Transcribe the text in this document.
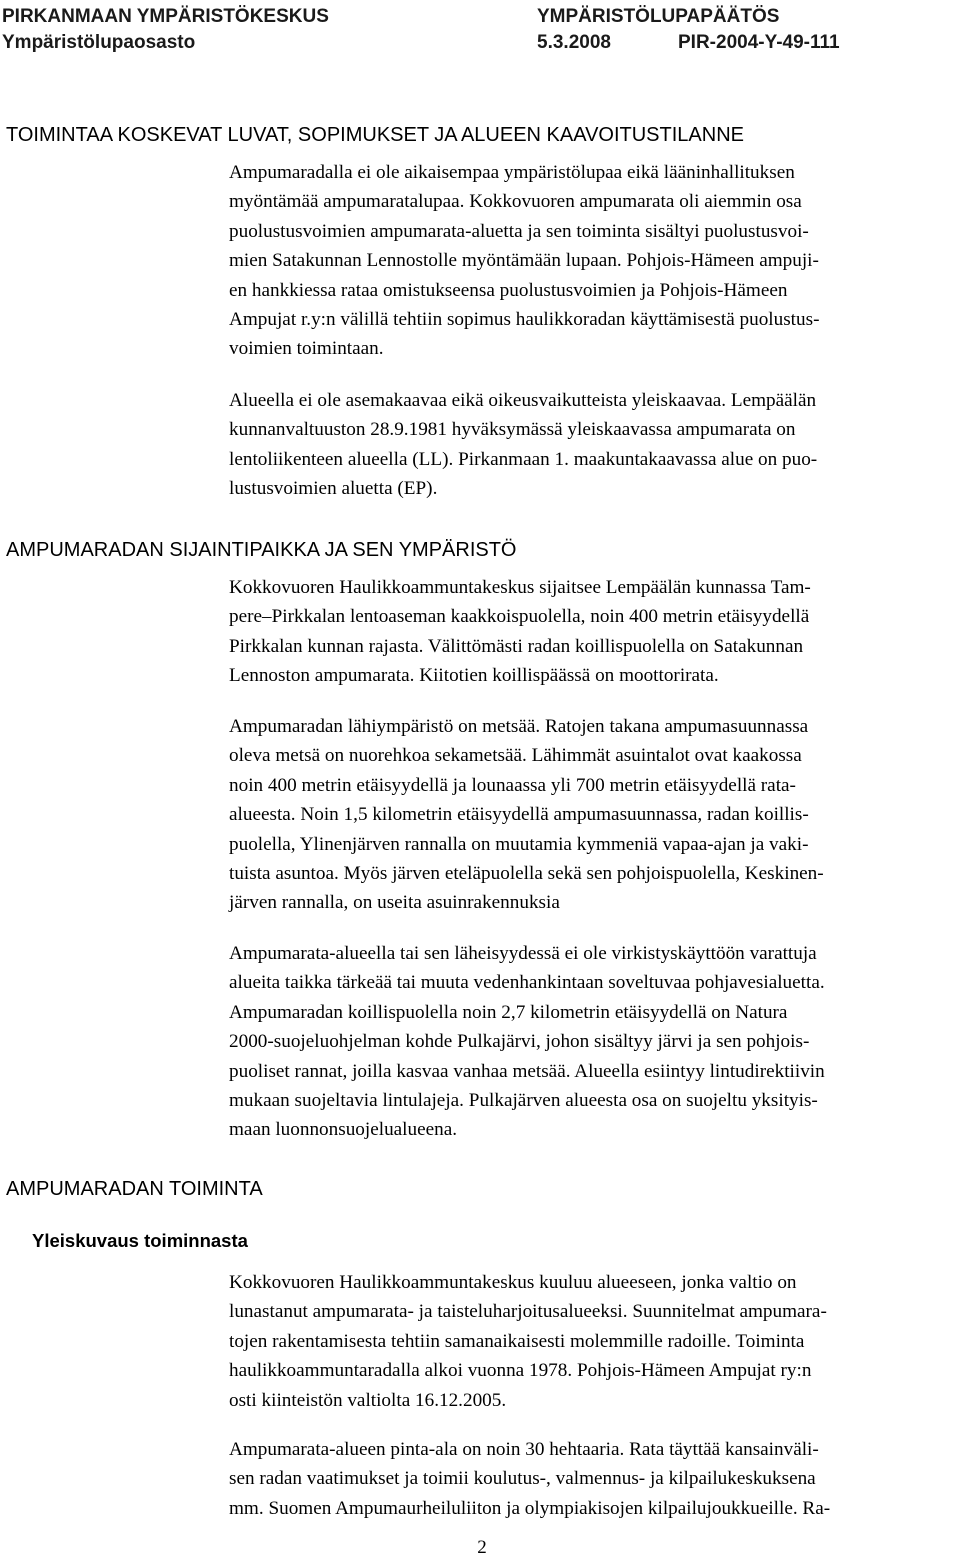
PIRKANMAAN YMPÄRISTÖKESKUS	YMPÄRISTÖLUPAPÄÄTÖS
Ympäristölupaosasto	5.3.2008	PIR-2004-Y-49-111
TOIMINTAA KOSKEVAT LUVAT, SOPIMUKSET JA ALUEEN KAAVOITUSTILANNE

Ampumaradalla ei ole aikaisempaa ympäristölupaa eikä lääninhallituksen
myöntämää ampumaratalupaa. Kokkovuoren ampumarata oli aiemmin osa
puolustusvoimien ampumarata-aluetta ja sen toiminta sisältyi puolustusvoi-
mien Satakunnan Lennostolle myöntämään lupaan. Pohjois-Hämeen ampuji-
en hankkiessa rataa omistukseensa puolustusvoimien ja Pohjois-Hämeen
Ampujat r.y:n välillä tehtiin sopimus haulikkoradan käyttämisestä puolustus-
voimien toimintaan.

Alueella ei ole asemakaavaa eikä oikeusvaikutteista yleiskaavaa. Lempäälän
kunnanvaltuuston 28.9.1981 hyväksymässä yleiskaavassa ampumarata on
lentoliikenteen alueella (LL). Pirkanmaan 1. maakuntakaavassa alue on puo-
lustusvoimien aluetta (EP).

AMPUMARADAN SIJAINTIPAIKKA JA SEN YMPÄRISTÖ

Kokkovuoren Haulikkoammuntakeskus sijaitsee Lempäälän kunnassa Tam-
pere–Pirkkalan lentoaseman kaakkoispuolella, noin 400 metrin etäisyydellä
Pirkkalan kunnan rajasta. Välittömästi radan koillispuolella on Satakunnan
Lennoston ampumarata. Kiitotien koillispäässä on moottorirata.

Ampumaradan lähiympäristö on metsää. Ratojen takana ampumasuunnassa
oleva metsä on nuorehkoa sekametsää. Lähimmät asuintalot ovat kaakossa
noin 400 metrin etäisyydellä ja lounaassa yli 700 metrin etäisyydellä rata-
alueesta. Noin 1,5 kilometrin etäisyydellä ampumasuunnassa, radan koillis-
puolella, Ylinenjärven rannalla on muutamia kymmeniä vapaa-ajan ja vaki-
tuista asuntoa. Myös järven eteläpuolella sekä sen pohjoispuolella, Keskinen-
järven rannalla, on useita asuinrakennuksia

Ampumarata-alueella tai sen läheisyydessä ei ole virkistyskäyttöön varattuja
alueita taikka tärkeää tai muuta vedenhankintaan soveltuvaa pohjavesialuetta.
Ampumaradan koillispuolella noin 2,7 kilometrin etäisyydellä on Natura
2000-suojeluohjelman kohde Pulkajärvi, johon sisältyy järvi ja sen pohjois-
puoliset rannat, joilla kasvaa vanhaa metsää. Alueella esiintyy lintudirektiivin
mukaan suojeltavia lintulajeja. Pulkajärven alueesta osa on suojeltu yksityis-
maan luonnonsuojelualueena.

AMPUMARADAN TOIMINTA
Yleiskuvaus toiminnasta

Kokkovuoren Haulikkoammuntakeskus kuuluu alueeseen, jonka valtio on
lunastanut ampumarata- ja taisteluharjoitusalueeksi. Suunnitelmat ampumara-
tojen rakentamisesta tehtiin samanaikaisesti molemmille radoille. Toiminta
haulikkoammuntaradalla alkoi vuonna 1978. Pohjois-Hämeen Ampujat ry:n
osti kiinteistön valtiolta 16.12.2005.

Ampumarata-alueen pinta-ala on noin 30 hehtaaria. Rata täyttää kansainväli-
sen radan vaatimukset ja toimii koulutus-, valmennus- ja kilpailukeskuksena
mm. Suomen Ampumaurheiluliiton ja olympiakisojen kilpailujoukkueille. Ra-

2
